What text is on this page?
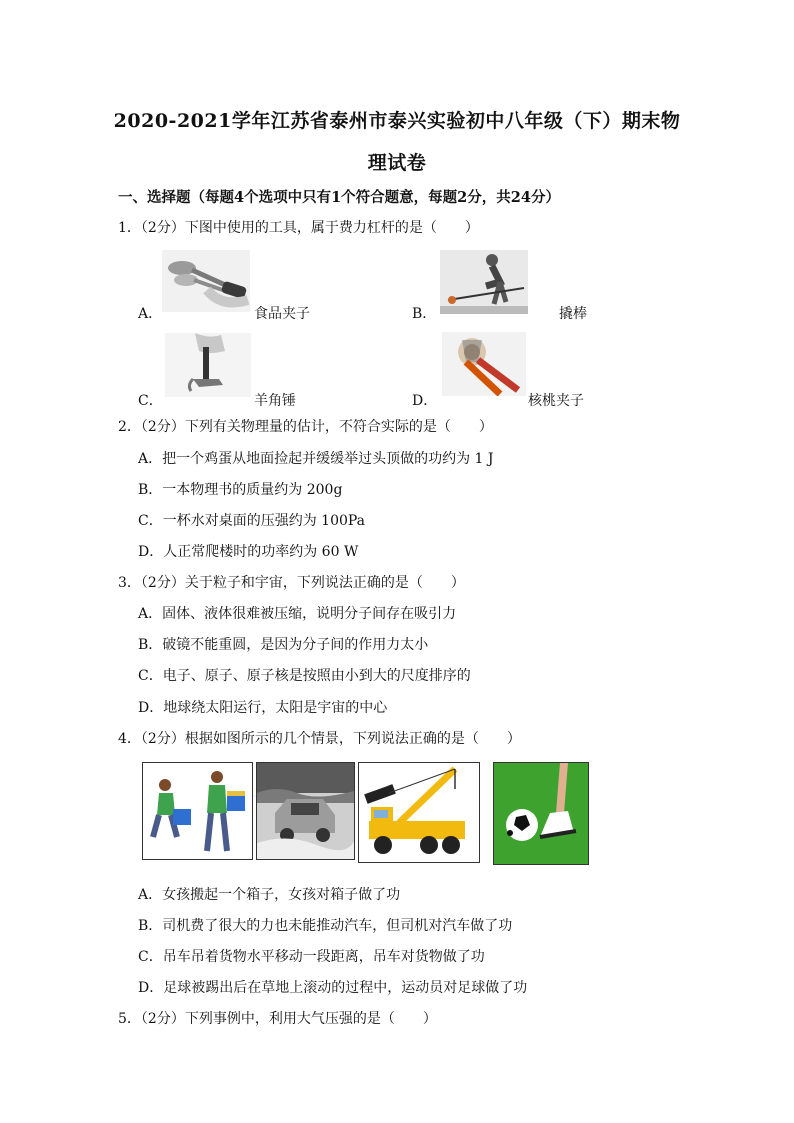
2020-2021学年江苏省泰州市泰兴实验初中八年级（下）期末物
理试卷
一、选择题（每题4个选项中只有1个符合题意，每题2分，共24分）
1．（2分）下图中使用的工具，属于费力杠杆的是（　　）
A．	食品夹子	B．	撬棒
C．	羊角锤	D．	核桃夹子
2．（2分）下列有关物理量的估计，不符合实际的是（　　）
A．把一个鸡蛋从地面捡起并缓缓举过头顶做的功约为 1 J
B．一本物理书的质量约为 200g
C．一杯水对桌面的压强约为 100Pa
D．人正常爬楼时的功率约为 60 W
3．（2分）关于粒子和宇宙，下列说法正确的是（　　）
A．固体、液体很难被压缩，说明分子间存在吸引力
B．破镜不能重圆，是因为分子间的作用力太小
C．电子、原子、原子核是按照由小到大的尺度排序的
D．地球绕太阳运行，太阳是宇宙的中心
4．（2分）根据如图所示的几个情景，下列说法正确的是（　　）
A．女孩搬起一个箱子，女孩对箱子做了功
B．司机费了很大的力也未能推动汽车，但司机对汽车做了功
C．吊车吊着货物水平移动一段距离，吊车对货物做了功
D．足球被踢出后在草地上滚动的过程中，运动员对足球做了功
5．（2分）下列事例中，利用大气压强的是（　　）
